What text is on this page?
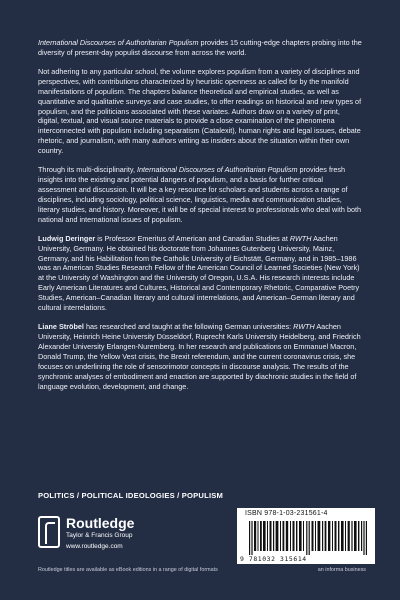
International Discourses of Authoritarian Populism provides 15 cutting-edge chapters probing into the diversity of present-day populist discourse from across the world.

Not adhering to any particular school, the volume explores populism from a variety of disciplines and perspectives, with contributions characterized by heuristic openness as called for by the manifold manifestations of populism. The chapters balance theoretical and empirical studies, as well as quantitative and qualitative surveys and case studies, to offer readings on historical and new types of populism, and the politicians associated with these variates. Authors draw on a variety of print, digital, textual, and visual source materials to provide a close examination of the phenomena interconnected with populism including separatism (Catalexit), human rights and legal issues, debate rhetoric, and journalism, with many authors writing as insiders about the situation within their own country.

Through its multi-disciplinarity, International Discourses of Authoritarian Populism provides fresh insights into the existing and potential dangers of populism, and a basis for further critical assessment and discussion. It will be a key resource for scholars and students across a range of disciplines, including sociology, political science, linguistics, media and communication studies, literary studies, and history. Moreover, it will be of special interest to professionals who deal with both national and international issues of populism.

Ludwig Deringer is Professor Emeritus of American and Canadian Studies at RWTH Aachen University, Germany. He obtained his doctorate from Johannes Gutenberg University, Mainz, Germany, and his Habilitation from the Catholic University of Eichstätt, Germany, and in 1985–1986 was an American Studies Research Fellow of the American Council of Learned Societies (New York) at the University of Washington and the University of Oregon, U.S.A. His research interests include Early American Literatures and Cultures, Historical and Contemporary Rhetoric, Comparative Poetry Studies, American–Canadian literary and cultural interrelations, and American–German literary and cultural interrelations.

Liane Ströbel has researched and taught at the following German universities: RWTH Aachen University, Heinrich Heine University Düsseldorf, Ruprecht Karls University Heidelberg, and Friedrich Alexander University Erlangen-Nuremberg. In her research and publications on Emmanuel Macron, Donald Trump, the Yellow Vest crisis, the Brexit referendum, and the current coronavirus crisis, she focuses on underlining the role of sensorimotor concepts in discourse analysis. The results of the synchronic analyses of embodiment and enaction are supported by diachronic studies in the field of language evolution, development, and change.

POLITICS / POLITICAL IDEOLOGIES / POPULISM
Routledge
Taylor & Francis Group
www.routledge.com
ISBN 978-1-03-231561-4
9 781032 315614
Routledge titles are available as eBook editions in a range of digital formats	an informa business
